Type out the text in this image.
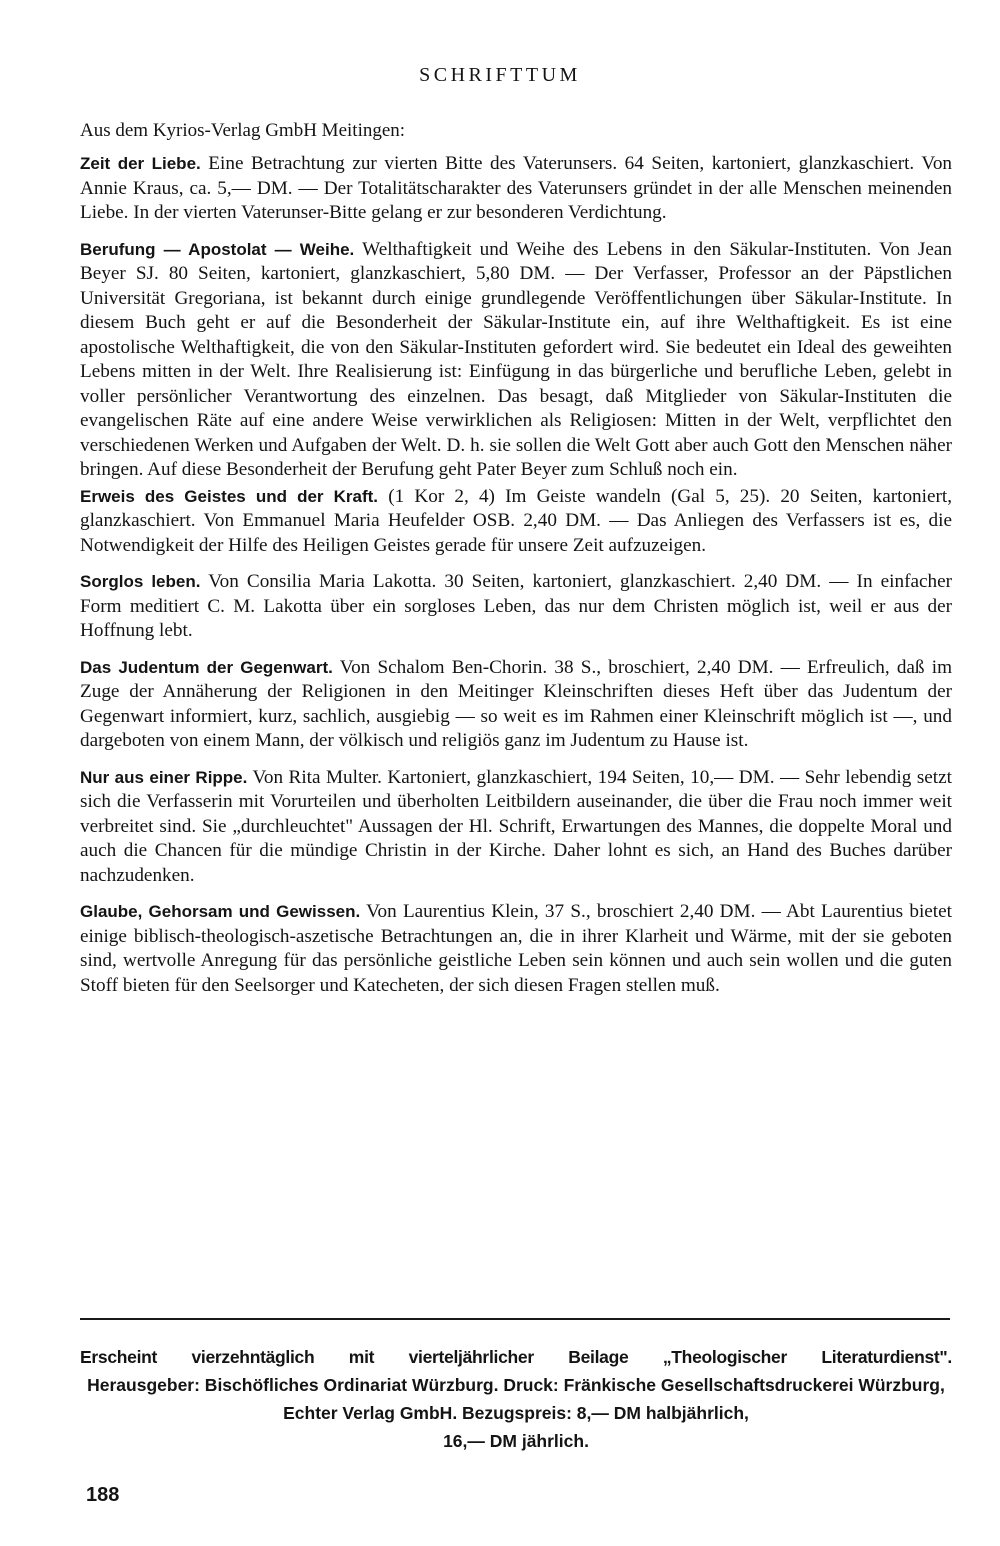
SCHRIFTTUM
Aus dem Kyrios-Verlag GmbH Meitingen:

Zeit der Liebe. Eine Betrachtung zur vierten Bitte des Vaterunsers. 64 Seiten, kartoniert, glanzkaschiert. Von Annie Kraus, ca. 5,— DM. — Der Totalitätscharakter des Vaterunsers gründet in der alle Menschen meinenden Liebe. In der vierten Vaterunser-Bitte gelang er zur besonderen Verdichtung.

Berufung — Apostolat — Weihe. Welthaftigkeit und Weihe des Lebens in den Säkular-Instituten. Von Jean Beyer SJ. 80 Seiten, kartoniert, glanzkaschiert, 5,80 DM. — Der Verfasser, Professor an der Päpstlichen Universität Gregoriana, ist bekannt durch einige grundlegende Veröffentlichungen über Säkular-Institute. In diesem Buch geht er auf die Besonderheit der Säkular-Institute ein, auf ihre Welthaftigkeit. Es ist eine apostolische Welthaftigkeit, die von den Säkular-Instituten gefordert wird. Sie bedeutet ein Ideal des geweihten Lebens mitten in der Welt. Ihre Realisierung ist: Einfügung in das bürgerliche und berufliche Leben, gelebt in voller persönlicher Verantwortung des einzelnen. Das besagt, daß Mitglieder von Säkular-Instituten die evangelischen Räte auf eine andere Weise verwirklichen als Religiosen: Mitten in der Welt, verpflichtet den verschiedenen Werken und Aufgaben der Welt. D. h. sie sollen die Welt Gott aber auch Gott den Menschen näher bringen. Auf diese Besonderheit der Berufung geht Pater Beyer zum Schluß noch ein.

Erweis des Geistes und der Kraft. (1 Kor 2, 4) Im Geiste wandeln (Gal 5, 25). 20 Seiten, kartoniert, glanzkaschiert. Von Emmanuel Maria Heufelder OSB. 2,40 DM. — Das Anliegen des Verfassers ist es, die Notwendigkeit der Hilfe des Heiligen Geistes gerade für unsere Zeit aufzuzeigen.

Sorglos leben. Von Consilia Maria Lakotta. 30 Seiten, kartoniert, glanzkaschiert. 2,40 DM. — In einfacher Form meditiert C. M. Lakotta über ein sorgloses Leben, das nur dem Christen möglich ist, weil er aus der Hoffnung lebt.

Das Judentum der Gegenwart. Von Schalom Ben-Chorin. 38 S., broschiert, 2,40 DM. — Erfreulich, daß im Zuge der Annäherung der Religionen in den Meitinger Kleinschriften dieses Heft über das Judentum der Gegenwart informiert, kurz, sachlich, ausgiebig — so weit es im Rahmen einer Kleinschrift möglich ist —, und dargeboten von einem Mann, der völkisch und religiös ganz im Judentum zu Hause ist.

Nur aus einer Rippe. Von Rita Multer. Kartoniert, glanzkaschiert, 194 Seiten, 10,— DM. — Sehr lebendig setzt sich die Verfasserin mit Vorurteilen und überholten Leitbildern auseinander, die über die Frau noch immer weit verbreitet sind. Sie „durchleuchtet" Aussagen der Hl. Schrift, Erwartungen des Mannes, die doppelte Moral und auch die Chancen für die mündige Christin in der Kirche. Daher lohnt es sich, an Hand des Buches darüber nachzudenken.

Glaube, Gehorsam und Gewissen. Von Laurentius Klein, 37 S., broschiert 2,40 DM. — Abt Laurentius bietet einige biblisch-theologisch-aszetische Betrachtungen an, die in ihrer Klarheit und Wärme, mit der sie geboten sind, wertvolle Anregung für das persönliche geistliche Leben sein können und auch sein wollen und die guten Stoff bieten für den Seelsorger und Katecheten, der sich diesen Fragen stellen muß.

Erscheint vierzehntäglich mit vierteljährlicher Beilage „Theologischer Literaturdienst".
Herausgeber: Bischöfliches Ordinariat Würzburg. Druck: Fränkische Gesellschaftsdruckerei Würzburg, Echter Verlag GmbH. Bezugspreis: 8,— DM halbjährlich,
16,— DM jährlich.
188
